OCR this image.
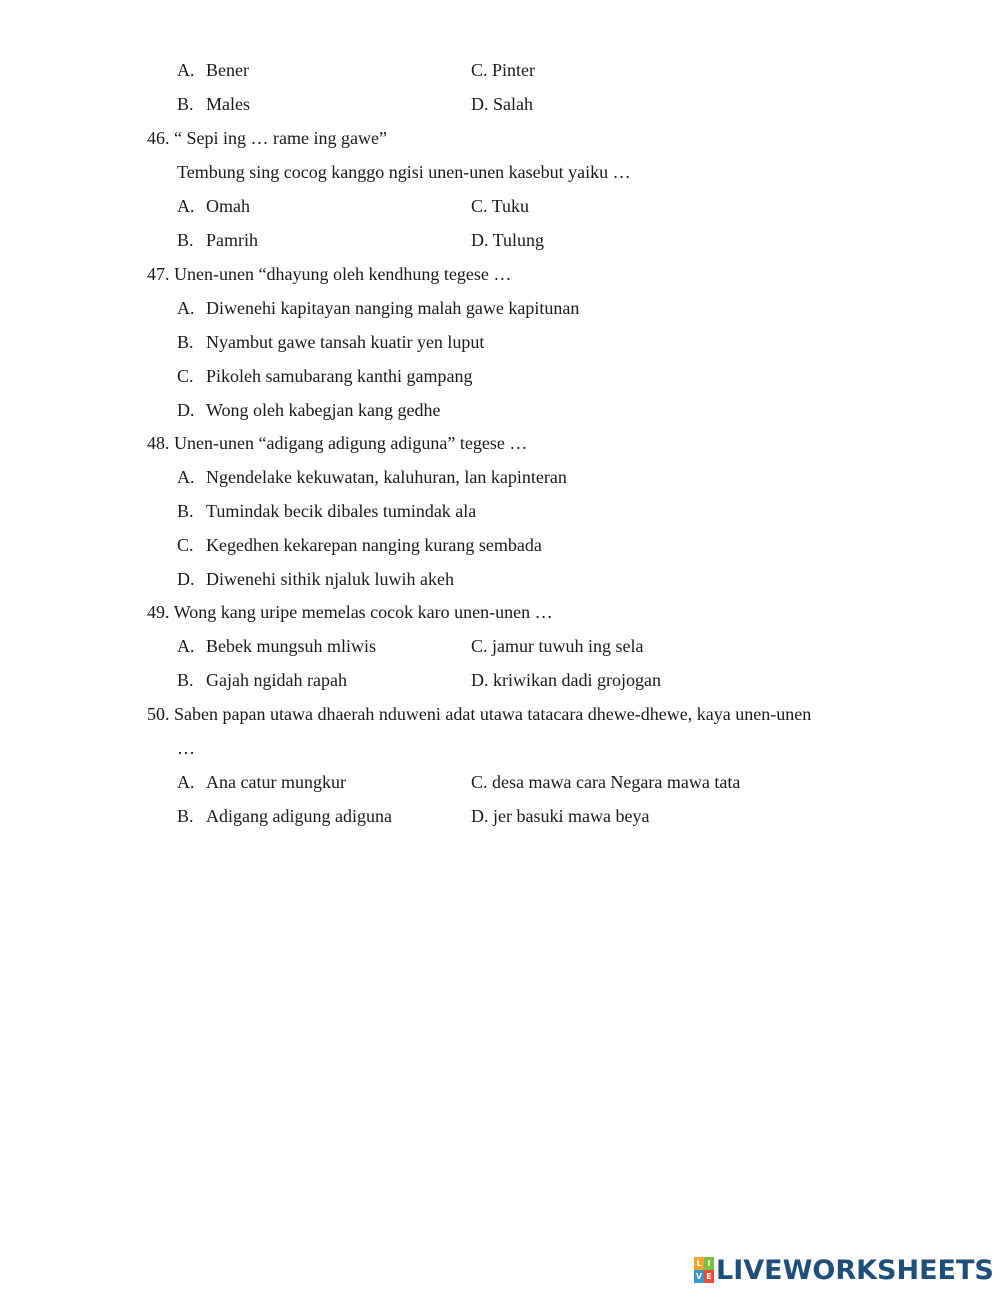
A. Bener	C. Pinter
B. Males	D. Salah
46. “ Sepi ing … rame ing gawe”
Tembung sing cocog kanggo ngisi unen-unen kasebut yaiku …
A. Omah	C. Tuku
B. Pamrih	D. Tulung
47. Unen-unen “dhayung oleh kendhung tegese …
A. Diwenehi kapitayan nanging malah gawe kapitunan
B. Nyambut gawe tansah kuatir yen luput
C. Pikoleh samubarang kanthi gampang
D. Wong oleh kabegjan kang gedhe
48. Unen-unen “adigang adigung adiguna” tegese …
A. Ngendelake kekuwatan, kaluhuran, lan kapinteran
B. Tumindak becik dibales tumindak ala
C. Kegedhen kekarepan nanging kurang sembada
D. Diwenehi sithik njaluk luwih akeh
49. Wong kang uripe memelas cocok karo unen-unen …
A. Bebek mungsuh mliwis	C. jamur tuwuh ing sela
B. Gajah ngidah rapah	D. kriwikan dadi grojogan
50. Saben papan utawa dhaerah nduweni adat utawa tatacara dhewe-dhewe, kaya unen-unen
…
A. Ana catur mungkur	C. desa mawa cara Negara mawa tata
B. Adigang adigung adiguna	D. jer basuki mawa beya
L I
V E LIVEWORKSHEETS
